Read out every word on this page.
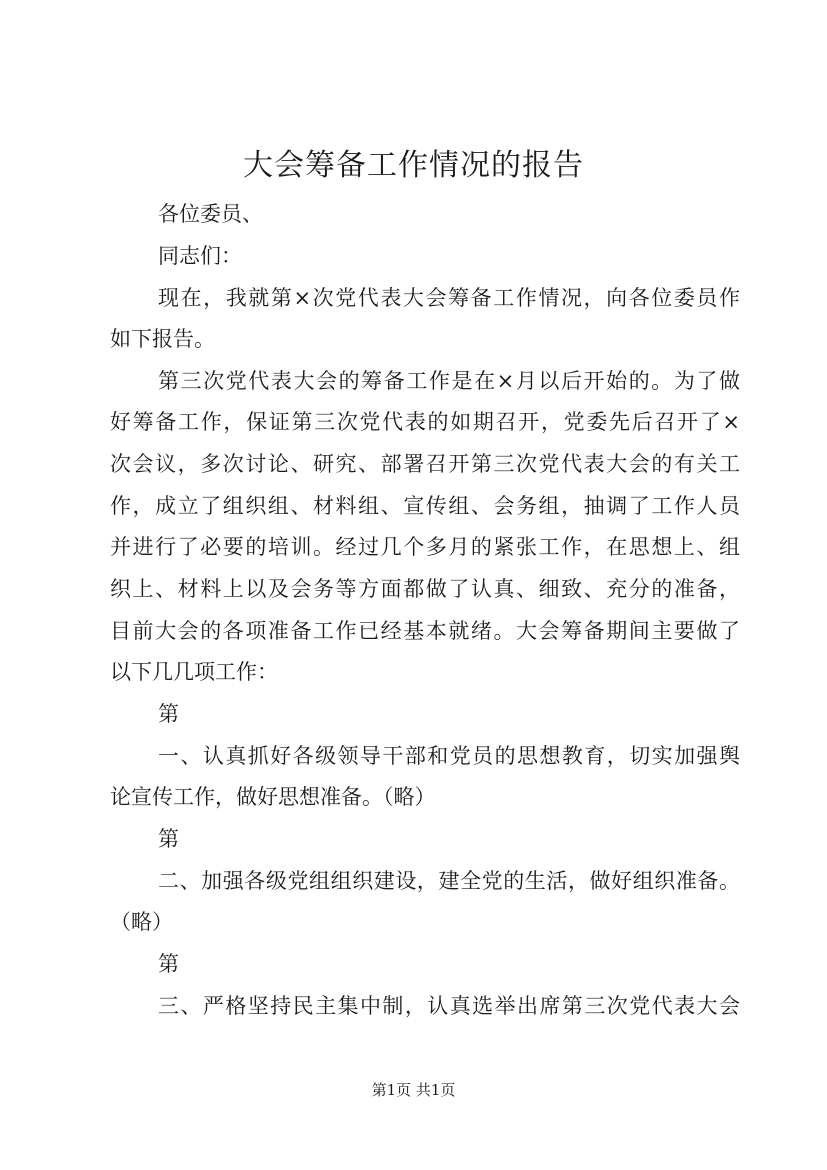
大会筹备工作情况的报告
各位委员、
同志们：
现在，我就第×次党代表大会筹备工作情况，向各位委员作
如下报告。
第三次党代表大会的筹备工作是在×月以后开始的。为了做
好筹备工作，保证第三次党代表的如期召开，党委先后召开了×
次会议，多次讨论、研究、部署召开第三次党代表大会的有关工
作，成立了组织组、材料组、宣传组、会务组，抽调了工作人员
并进行了必要的培训。经过几个多月的紧张工作，在思想上、组
织上、材料上以及会务等方面都做了认真、细致、充分的准备，
目前大会的各项准备工作已经基本就绪。大会筹备期间主要做了
以下几几项工作：
第
一、认真抓好各级领导干部和党员的思想教育，切实加强舆
论宣传工作，做好思想准备。（略）
第
二、加强各级党组组织建设，建全党的生活，做好组织准备。
（略）
第
三、严格坚持民主集中制，认真选举出席第三次党代表大会
第1页 共1页
